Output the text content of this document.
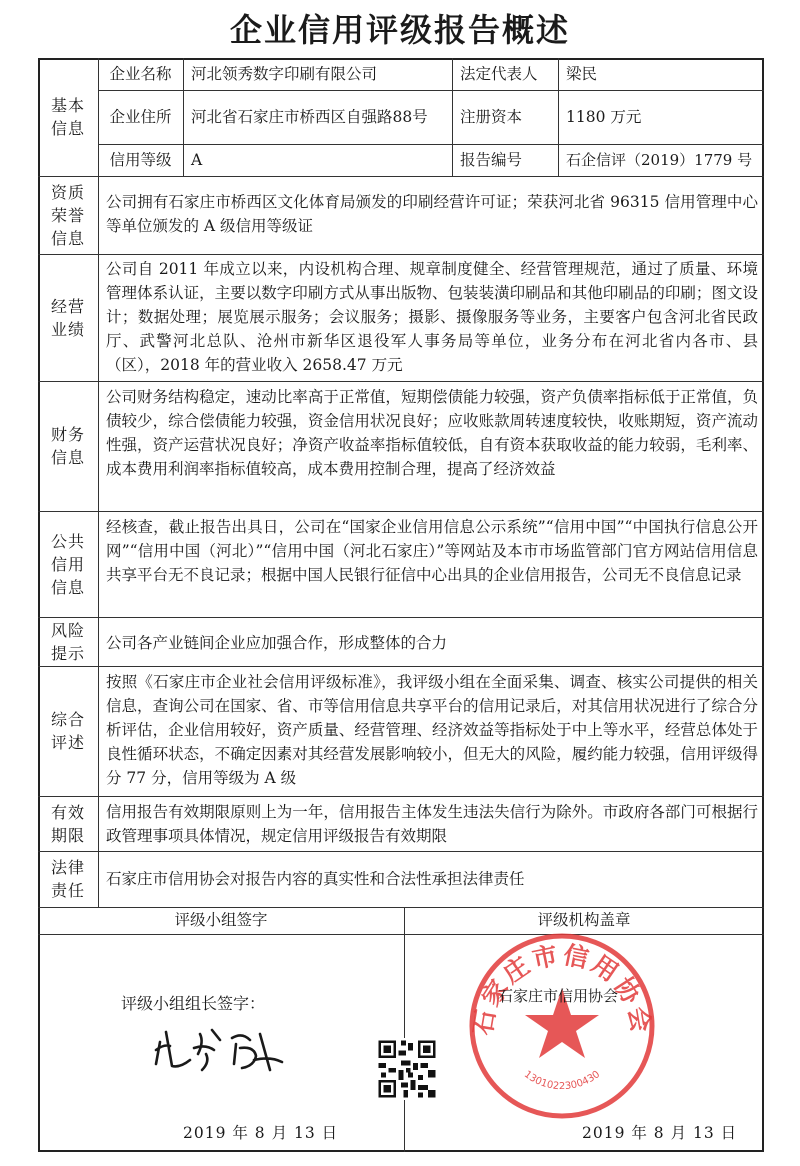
企业信用评级报告概述
基本信息
企业名称	河北领秀数字印刷有限公司	法定代表人	梁民
企业住所	河北省石家庄市桥西区自强路88号	注册资本	1180 万元
信用等级	A	报告编号	石企信评（2019）1779 号
资质荣誉信息
公司拥有石家庄市桥西区文化体育局颁发的印刷经营许可证；荣获河北省 96315 信用管理中心等单位颁发的 A 级信用等级证
经营业绩
公司自 2011 年成立以来，内设机构合理、规章制度健全、经营管理规范，通过了质量、环境管理体系认证，主要以数字印刷方式从事出版物、包装装潢印刷品和其他印刷品的印刷；图文设计；数据处理；展览展示服务；会议服务；摄影、摄像服务等业务，主要客户包含河北省民政厅、武警河北总队、沧州市新华区退役军人事务局等单位，业务分布在河北省内各市、县（区），2018 年的营业收入 2658.47 万元
财务信息
公司财务结构稳定，速动比率高于正常值，短期偿债能力较强，资产负债率指标低于正常值，负债较少，综合偿债能力较强，资金信用状况良好；应收账款周转速度较快，收账期短，资产流动性强，资产运营状况良好；净资产收益率指标值较低，自有资本获取收益的能力较弱，毛利率、成本费用利润率指标值较高，成本费用控制合理，提高了经济效益
公共信用信息
经核查，截止报告出具日，公司在“国家企业信用信息公示系统”“信用中国”“中国执行信息公开网”“信用中国（河北）”“信用中国（河北石家庄）”等网站及本市市场监管部门官方网站信用信息共享平台无不良记录；根据中国人民银行征信中心出具的企业信用报告，公司无不良信息记录
风险提示
公司各产业链间企业应加强合作，形成整体的合力
综合评述
按照《石家庄市企业社会信用评级标准》，我评级小组在全面采集、调查、核实公司提供的相关信息，查询公司在国家、省、市等信用信息共享平台的信用记录后，对其信用状况进行了综合分析评估，企业信用较好，资产质量、经营管理、经济效益等指标处于中上等水平，经营总体处于良性循环状态，不确定因素对其经营发展影响较小，但无大的风险，履约能力较强，信用评级得分 77 分，信用等级为 A 级
有效期限
信用报告有效期限原则上为一年，信用报告主体发生违法失信行为除外。市政府各部门可根据行政管理事项具体情况，规定信用评级报告有效期限
法律责任
石家庄市信用协会对报告内容的真实性和合法性承担法律责任
评级小组签字	评级机构盖章
评级小组组长签字：
2019 年 8 月 13 日	2019 年 8 月 13 日
石家庄市信用协会
1301022300430
石家庄市信用协会
